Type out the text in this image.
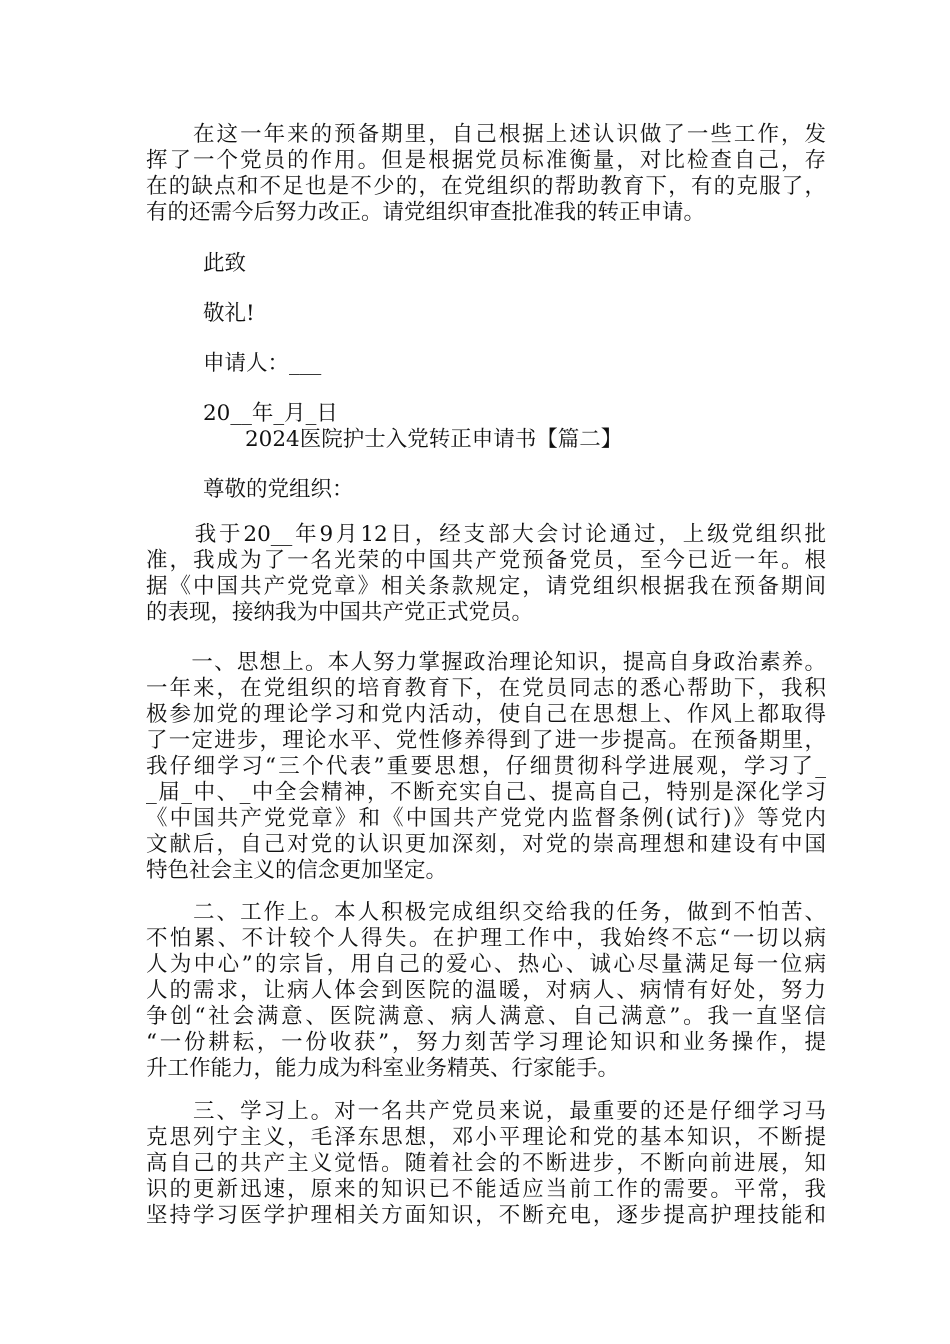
　　在这一年来的预备期里，自己根据上述认识做了一些工作，发
挥了一个党员的作用。但是根据党员标准衡量，对比检查自己，存
在的缺点和不足也是不少的，在党组织的帮助教育下，有的克服了，
有的还需今后努力改正。请党组织审查批准我的转正申请。
此致
敬礼!
申请人：___
20__年_月_日
2024医院护士入党转正申请书【篇二】
尊敬的党组织：
　　我于20__年9月12日，经支部大会讨论通过，上级党组织批
准，我成为了一名光荣的中国共产党预备党员，至今已近一年。根
据《中国共产党党章》相关条款规定，请党组织根据我在预备期间
的表现，接纳我为中国共产党正式党员。
　　一、思想上。本人努力掌握政治理论知识，提高自身政治素养。
一年来，在党组织的培育教育下，在党员同志的悉心帮助下，我积
极参加党的理论学习和党内活动，使自己在思想上、作风上都取得
了一定进步，理论水平、党性修养得到了进一步提高。在预备期里，
我仔细学习“三个代表”重要思想，仔细贯彻科学进展观，学习了_
_届_中、_中全会精神，不断充实自己、提高自己，特别是深化学习
《中国共产党党章》和《中国共产党党内监督条例(试行)》等党内
文献后，自己对党的认识更加深刻，对党的崇高理想和建设有中国
特色社会主义的信念更加坚定。
　　二、工作上。本人积极完成组织交给我的任务，做到不怕苦、
不怕累、不计较个人得失。在护理工作中，我始终不忘“一切以病
人为中心”的宗旨，用自己的爱心、热心、诚心尽量满足每一位病
人的需求，让病人体会到医院的温暖，对病人、病情有好处，努力
争创“社会满意、医院满意、病人满意、自己满意”。我一直坚信
“一份耕耘，一份收获”，努力刻苦学习理论知识和业务操作，提
升工作能力，能力成为科室业务精英、行家能手。
　　三、学习上。对一名共产党员来说，最重要的还是仔细学习马
克思列宁主义，毛泽东思想，邓小平理论和党的基本知识，不断提
高自己的共产主义觉悟。随着社会的不断进步，不断向前进展，知
识的更新迅速，原来的知识已不能适应当前工作的需要。平常，我
坚持学习医学护理相关方面知识，不断充电，逐步提高护理技能和
